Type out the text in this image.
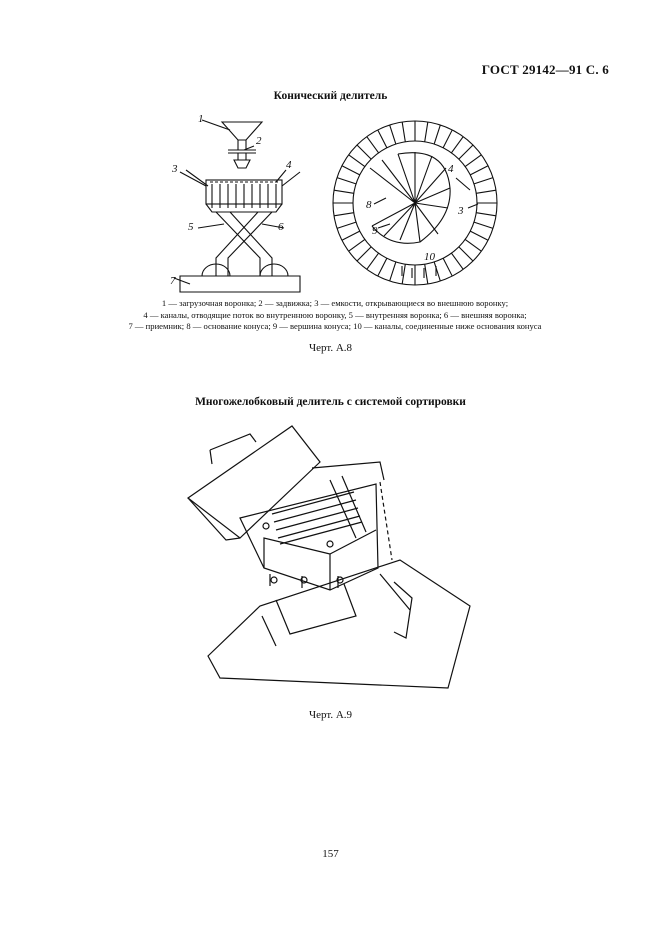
ГОСТ 29142—91 С. 6
Конический делитель
1
2
3	4
5	6
7
8
9
10
4
3
1 — загрузочная воронка; 2 — задвижка; 3 — емкости, открывающиеся во внешнюю воронку;
4 — каналы, отводящие поток во внутреннюю воронку, 5 — внутренняя воронка; 6 — внешняя воронка;
7 — приемник; 8 — основание конуса; 9 — вершина конуса; 10 — каналы, соединенные ниже основания конуса
Черт. А.8
Многожелобковый делитель с системой сортировки
Черт. А.9
157
